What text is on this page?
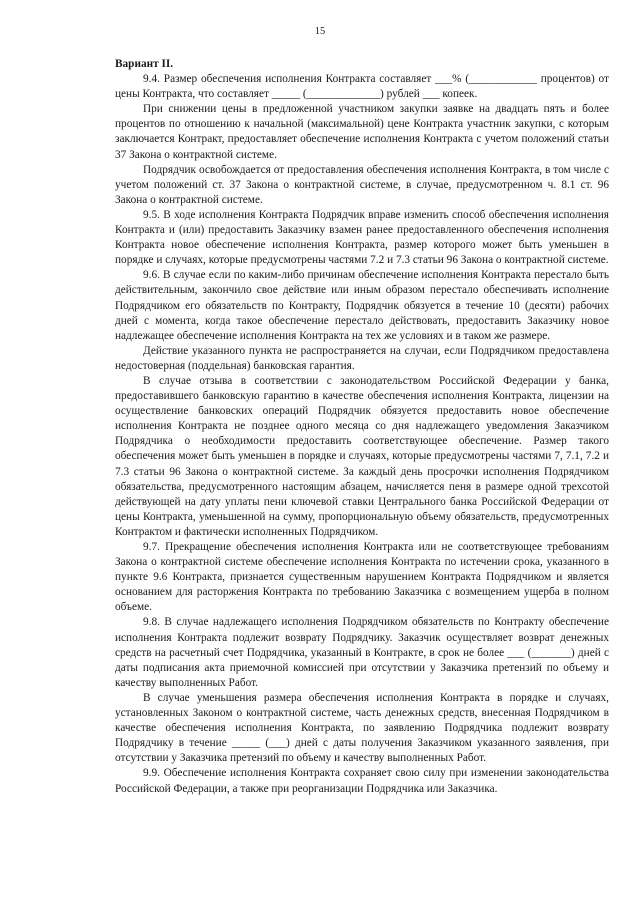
15

Вариант II.

9.4. Размер обеспечения исполнения Контракта составляет ___% (____________ процентов) от цены Контракта, что составляет _____ (_____________) рублей ___ копеек.

При снижении цены в предложенной участником закупки заявке на двадцать пять и более процентов по отношению к начальной (максимальной) цене Контракта участник закупки, с которым заключается Контракт, предоставляет обеспечение исполнения Контракта с учетом положений статьи 37 Закона о контрактной системе.

Подрядчик освобождается от предоставления обеспечения исполнения Контракта, в том числе с учетом положений ст. 37 Закона о контрактной системе, в случае, предусмотренном ч. 8.1 ст. 96 Закона о контрактной системе.

9.5. В ходе исполнения Контракта Подрядчик вправе изменить способ обеспечения исполнения Контракта и (или) предоставить Заказчику взамен ранее предоставленного обеспечения исполнения Контракта новое обеспечение исполнения Контракта, размер которого может быть уменьшен в порядке и случаях, которые предусмотрены частями 7.2 и 7.3 статьи 96 Закона о контрактной системе.

9.6. В случае если по каким-либо причинам обеспечение исполнения Контракта перестало быть действительным, закончило свое действие или иным образом перестало обеспечивать исполнение Подрядчиком его обязательств по Контракту, Подрядчик обязуется в течение 10 (десяти) рабочих дней с момента, когда такое обеспечение перестало действовать, предоставить Заказчику новое надлежащее обеспечение исполнения Контракта на тех же условиях и в таком же размере.

Действие указанного пункта не распространяется на случаи, если Подрядчиком предоставлена недостоверная (поддельная) банковская гарантия.

В случае отзыва в соответствии с законодательством Российской Федерации у банка, предоставившего банковскую гарантию в качестве обеспечения исполнения Контракта, лицензии на осуществление банковских операций Подрядчик обязуется предоставить новое обеспечение исполнения Контракта не позднее одного месяца со дня надлежащего уведомления Заказчиком Подрядчика о необходимости предоставить соответствующее обеспечение. Размер такого обеспечения может быть уменьшен в порядке и случаях, которые предусмотрены частями 7, 7.1, 7.2 и 7.3 статьи 96 Закона о контрактной системе. За каждый день просрочки исполнения Подрядчиком обязательства, предусмотренного настоящим абзацем, начисляется пеня в размере одной трехсотой действующей на дату уплаты пени ключевой ставки Центрального банка Российской Федерации от цены Контракта, уменьшенной на сумму, пропорциональную объему обязательств, предусмотренных Контрактом и фактически исполненных Подрядчиком.

9.7. Прекращение обеспечения исполнения Контракта или не соответствующее требованиям Закона о контрактной системе обеспечение исполнения Контракта по истечении срока, указанного в пункте 9.6 Контракта, признается существенным нарушением Контракта Подрядчиком и является основанием для расторжения Контракта по требованию Заказчика с возмещением ущерба в полном объеме.

9.8. В случае надлежащего исполнения Подрядчиком обязательств по Контракту обеспечение исполнения Контракта подлежит возврату Подрядчику. Заказчик осуществляет возврат денежных средств на расчетный счет Подрядчика, указанный в Контракте, в срок не более ___ (_______) дней с даты подписания акта приемочной комиссией при отсутствии у Заказчика претензий по объему и качеству выполненных Работ.

В случае уменьшения размера обеспечения исполнения Контракта в порядке и случаях, установленных Законом о контрактной системе, часть денежных средств, внесенная Подрядчиком в качестве обеспечения исполнения Контракта, по заявлению Подрядчика подлежит возврату Подрядчику в течение _____ (___) дней с даты получения Заказчиком указанного заявления, при отсутствии у Заказчика претензий по объему и качеству выполненных Работ.

9.9. Обеспечение исполнения Контракта сохраняет свою силу при изменении законодательства Российской Федерации, а также при реорганизации Подрядчика или Заказчика.
